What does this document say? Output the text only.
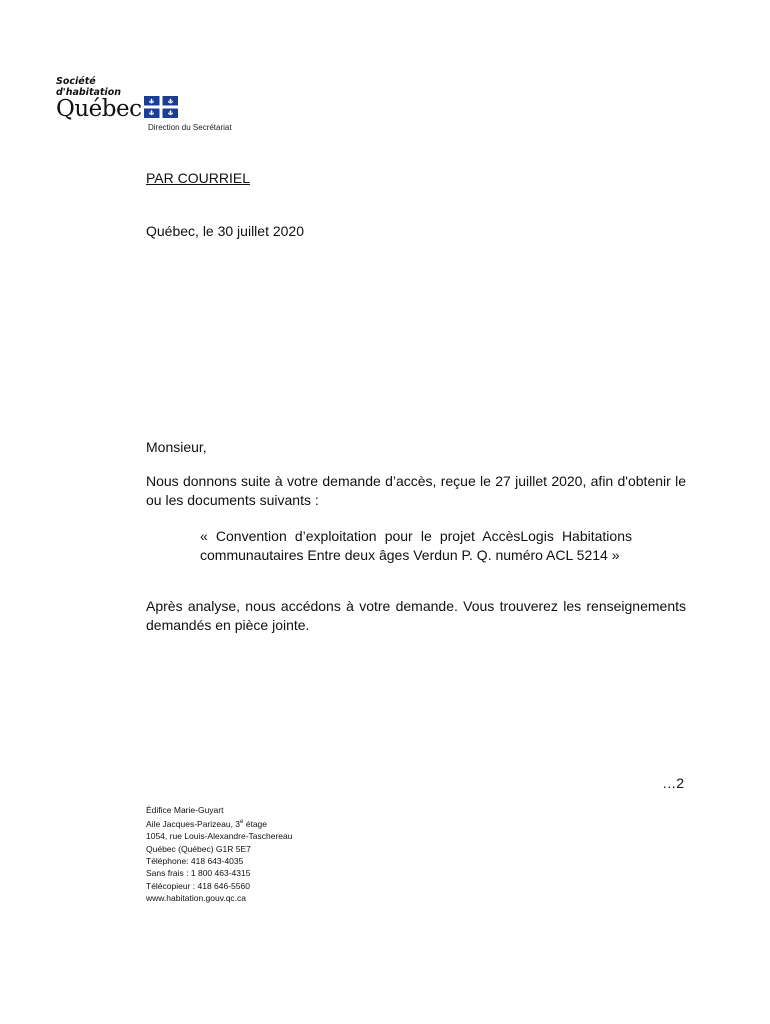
Société
d'habitation
Québec
Direction du Secrétariat
PAR COURRIEL
Québec, le 30 juillet 2020
Monsieur,
Nous donnons suite à votre demande d’accès, reçue le 27 juillet 2020, afin d'obtenir le ou les documents suivants :
« Convention d’exploitation pour le projet AccèsLogis Habitations communautaires Entre deux âges Verdun P. Q. numéro ACL 5214 »
Après analyse, nous accédons à votre demande. Vous trouverez les renseignements demandés en pièce jointe.
…2
Édifice Marie-Guyart
Aile Jacques-Parizeau, 3e étage
1054, rue Louis-Alexandre-Taschereau
Québec (Québec) G1R 5E7
Téléphone: 418 643-4035
Sans frais : 1 800 463-4315
Télécopieur : 418 646-5560
www.habitation.gouv.qc.ca
